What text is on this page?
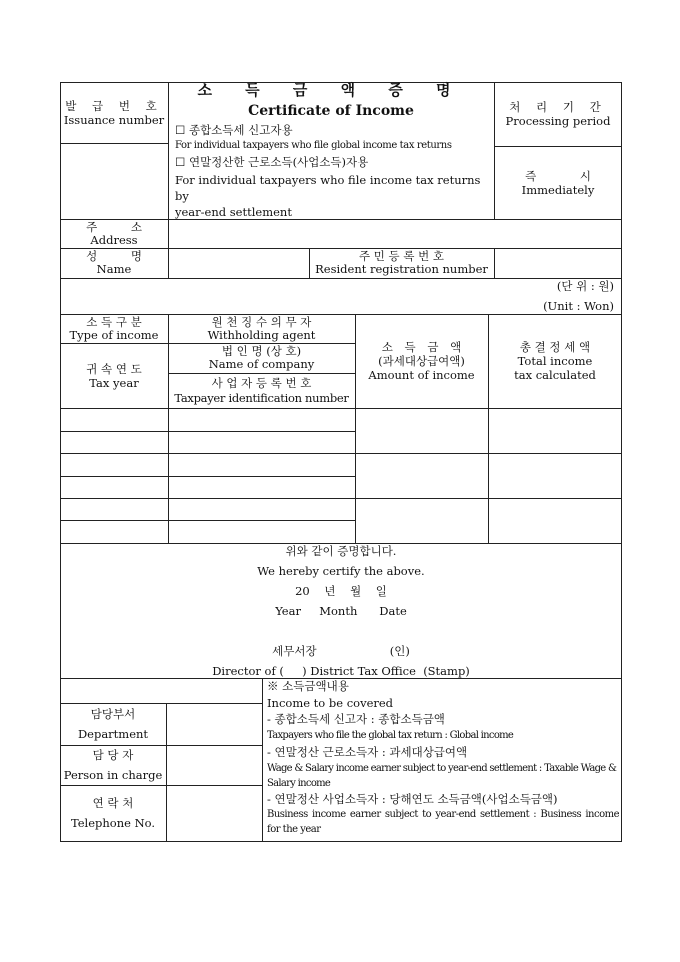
발 급 번 호
Issuance number
소 득 금 액 증 명
Certificate of Income
☐ 종합소득세 신고자용
For individual taxpayers who file global income tax returns
☐ 연말정산한 근로소득(사업소득)자용
For individual taxpayers who file income tax returns by
year-end settlement
처 리 기 간
Processing period
즉 시
Immediately
주 소
Address
성 명
Name
주 민 등 록 번 호
Resident registration number
(단 위 : 원)
(Unit : Won)
소 득 구 분
Type of income
귀 속 연 도
Tax year
원 천 징 수 의 무 자
Withholding agent
법 인 명 (상 호)
Name of company
사 업 자 등 록 번 호
Taxpayer identification number
소 득 금 액
(과세대상급여액)
Amount of income
총 결 정 세 액
Total income
tax calculated
위와 같이 증명합니다.
We hereby certify the above.
20    년    월    일
Year     Month      Date
세무서장                    (인)
Director of (     ) District Tax Office  (Stamp)
담당부서
Department
담 당 자
Person in charge
연 락 처
Telephone No.
※ 소득금액내용
Income to be covered
- 종합소득세 신고자 : 종합소득금액
Taxpayers who file the global tax return : Global income
- 연말정산 근로소득자 : 과세대상급여액
Wage & Salary income earner subject to year-end settlement : Taxable Wage & Salary income
- 연말정산 사업소득자 : 당해연도 소득금액(사업소득금액)
Business income earner subject to year-end settlement : Business income for the year
